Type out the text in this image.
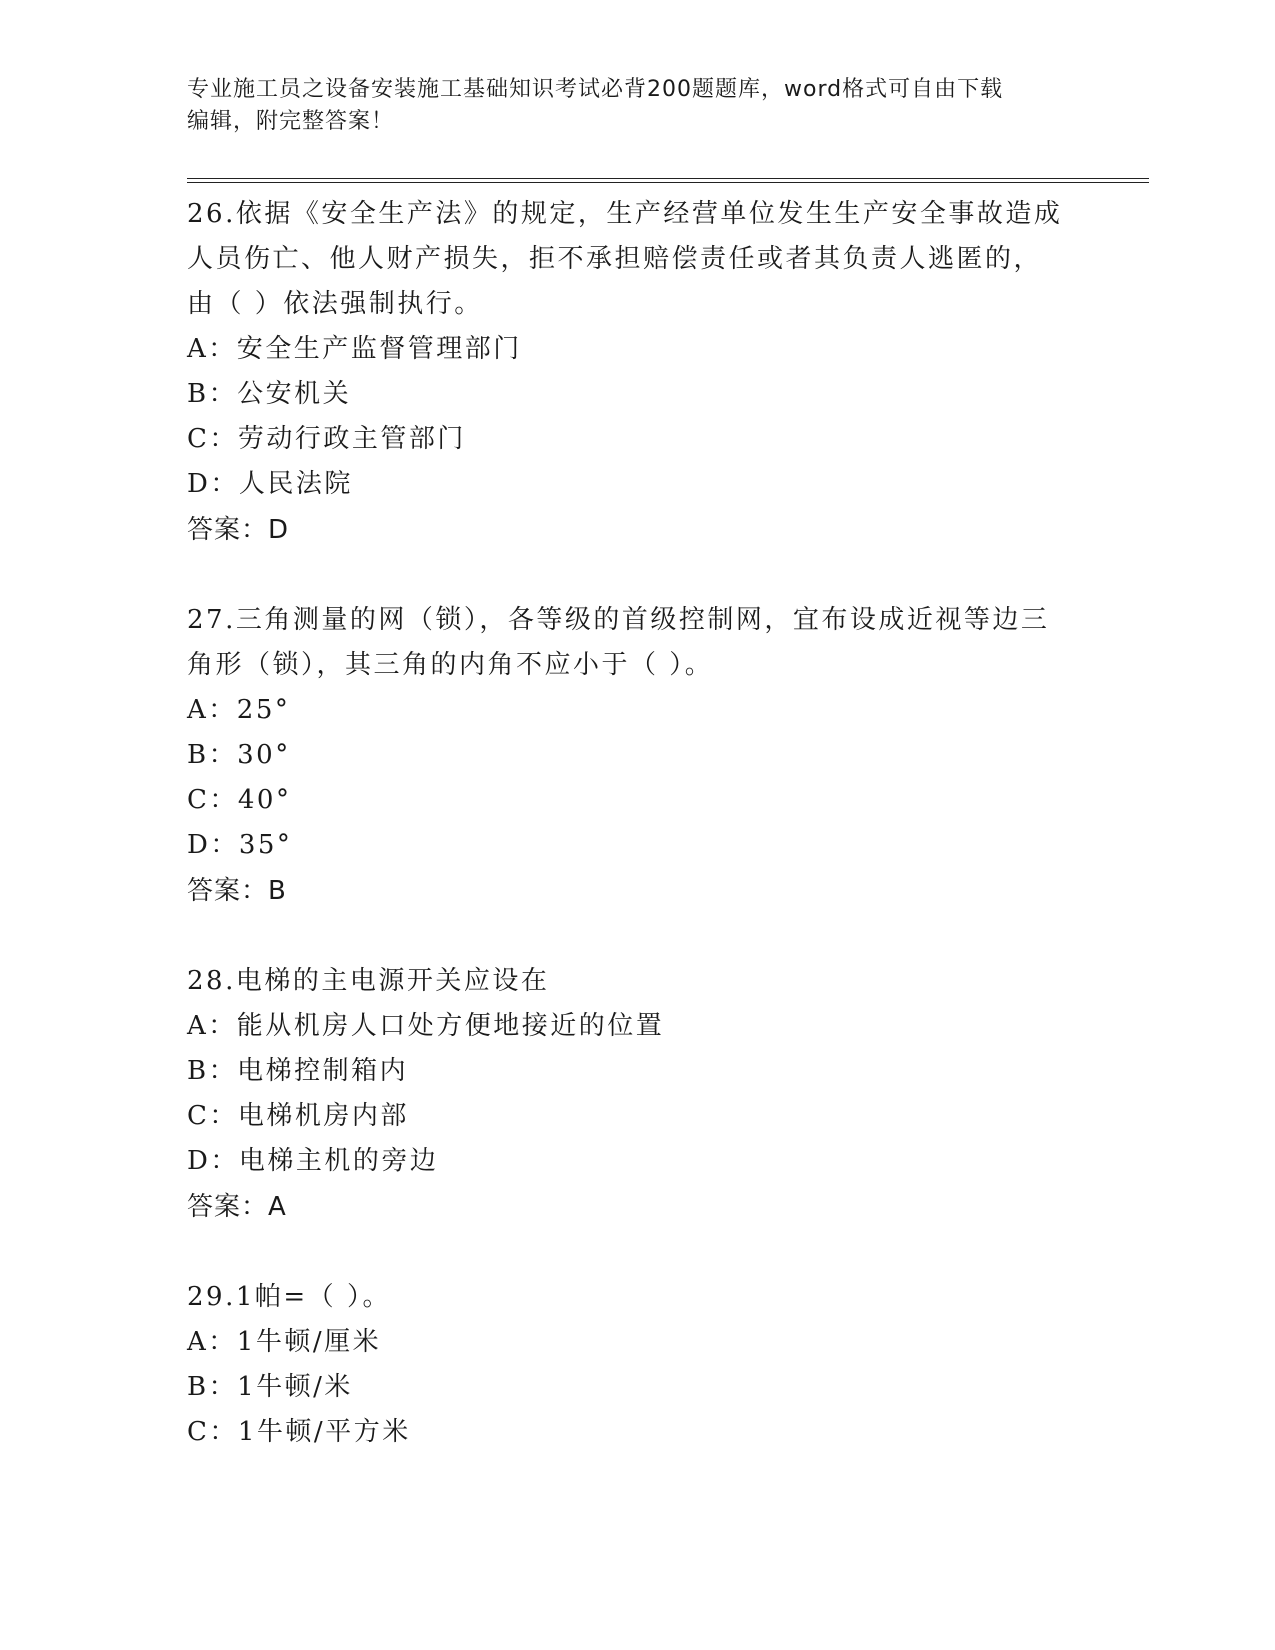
专业施工员之设备安装施工基础知识考试必背200题题库，word格式可自由下载
编辑，附完整答案！
26.依据《安全生产法》的规定，生产经营单位发生生产安全事故造成
人员伤亡、他人财产损失，拒不承担赔偿责任或者其负责人逃匿的，
由（ ）依法强制执行。
A：安全生产监督管理部门
B：公安机关
C：劳动行政主管部门
D：人民法院
答案：D
27.三角测量的网（锁），各等级的首级控制网，宜布设成近视等边三
角形（锁），其三角的内角不应小于（ ）。
A：25°
B：30°
C：40°
D：35°
答案：B
28.电梯的主电源开关应设在
A：能从机房人口处方便地接近的位置
B：电梯控制箱内
C：电梯机房内部
D：电梯主机的旁边
答案：A
29.1帕=（ ）。
A：1牛顿/厘米
B：1牛顿/米
C：1牛顿/平方米
